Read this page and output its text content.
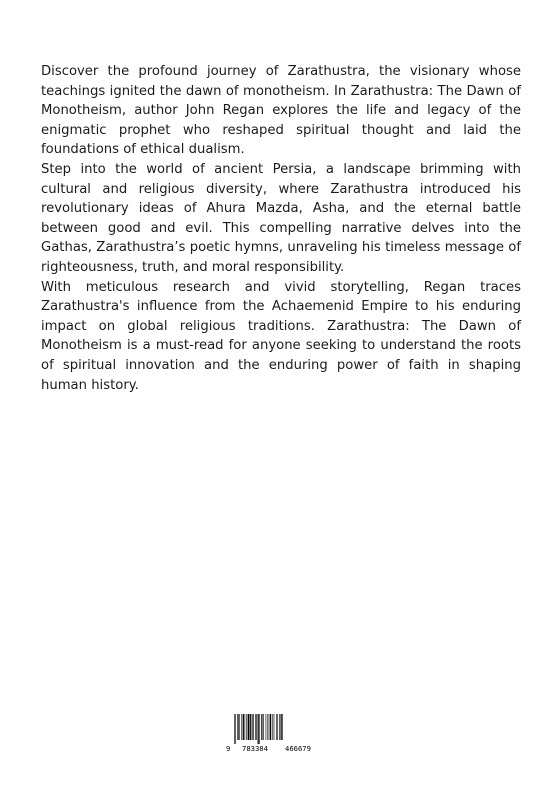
Discover the profound journey of Zarathustra, the visionary whose teachings ignited the dawn of monotheism. In Zarathustra: The Dawn of Monotheism, author John Regan explores the life and legacy of the enigmatic prophet who reshaped spiritual thought and laid the foundations of ethical dualism.

Step into the world of ancient Persia, a landscape brimming with cultural and religious diversity, where Zarathustra introduced his revolutionary ideas of Ahura Mazda, Asha, and the eternal battle between good and evil. This compelling narrative delves into the Gathas, Zarathustra’s poetic hymns, unraveling his timeless message of righteousness, truth, and moral responsibility.

With meticulous research and vivid storytelling, Regan traces Zarathustra's influence from the Achaemenid Empire to his enduring impact on global religious traditions. Zarathustra: The Dawn of Monotheism is a must-read for anyone seeking to understand the roots of spiritual innovation and the enduring power of faith in shaping human history.

9 783384 466679
